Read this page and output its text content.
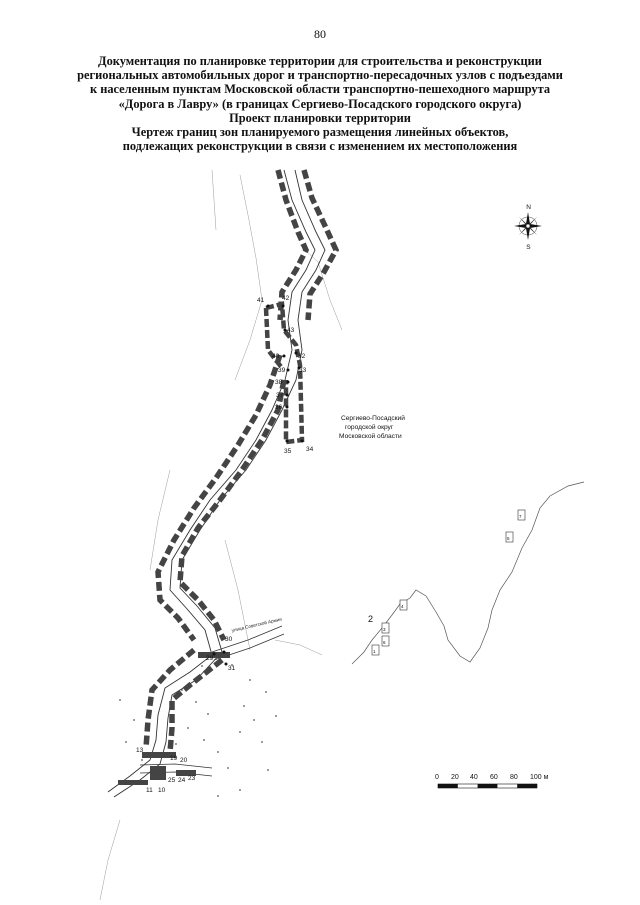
80
Документация по планировке территории для строительства и реконструкции
региональных автомобильных дорог и транспортно-пересадочных узлов с подъездами
к населенным пунктам Московской области транспортно-пешеходного маршрута
«Дорога в Лавру» (в границах Сергиево-Посадского городского округа)
Проект планировки территории
Чертеж границ зон планируемого размещения линейных объектов,
подлежащих реконструкции в связи с изменением их местоположения
41	42
43
40	32
39 33
38
37
36
35 34
30
29
31
13
19 20
11 10
25 24 23
N
S
Сергиево-Посадский
городской округ
Московской области
улица Советской Армии	2
4
5
6
7
3
1
0 20 40 60 80 100 м
